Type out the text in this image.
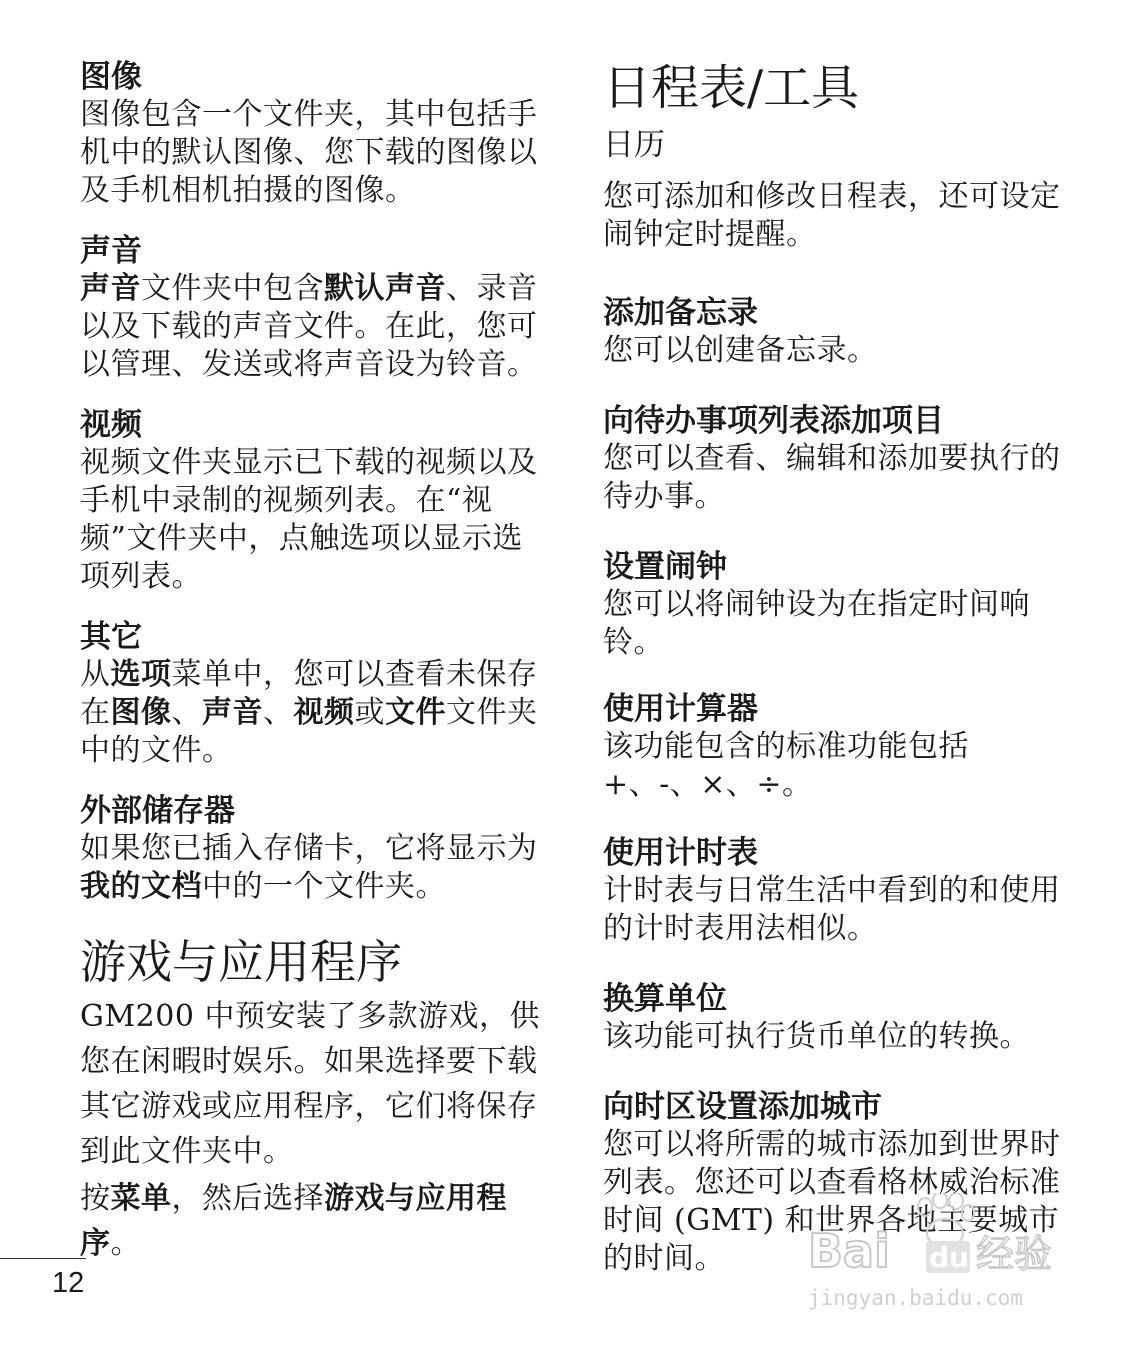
图像

图像包含一个文件夹，其中包括手机中的默认图像、您下载的图像以及手机相机拍摄的图像。

声音

声音文件夹中包含默认声音、录音以及下载的声音文件。在此，您可以管理、发送或将声音设为铃音。

视频

视频文件夹显示已下载的视频以及手机中录制的视频列表。在“视频”文件夹中，点触选项以显示选项列表。

其它

从选项菜单中，您可以查看未保存在图像、声音、视频或文件文件夹中的文件。

外部储存器

如果您已插入存储卡，它将显示为我的文档中的一个文件夹。

游戏与应用程序

GM200 中预安装了多款游戏，供您在闲暇时娱乐。如果选择要下载其它游戏或应用程序，它们将保存到此文件夹中。

按菜单，然后选择游戏与应用程序。

日程表/工具
日历

您可添加和修改日程表，还可设定闹钟定时提醒。

添加备忘录

您可以创建备忘录。

向待办事项列表添加项目

您可以查看、编辑和添加要执行的待办事。

设置闹钟

您可以将闹钟设为在指定时间响铃。

使用计算器

该功能包含的标准功能包括 +、-、×、÷。

使用计时表

计时表与日常生活中看到的和使用的计时表用法相似。

换算单位

该功能可执行货币单位的转换。

向时区设置添加城市

您可以将所需的城市添加到世界时列表。您还可以查看格林威治标准时间 (GMT) 和世界各地主要城市的时间。

12
Bai du 经验
jingyan.baidu.com
